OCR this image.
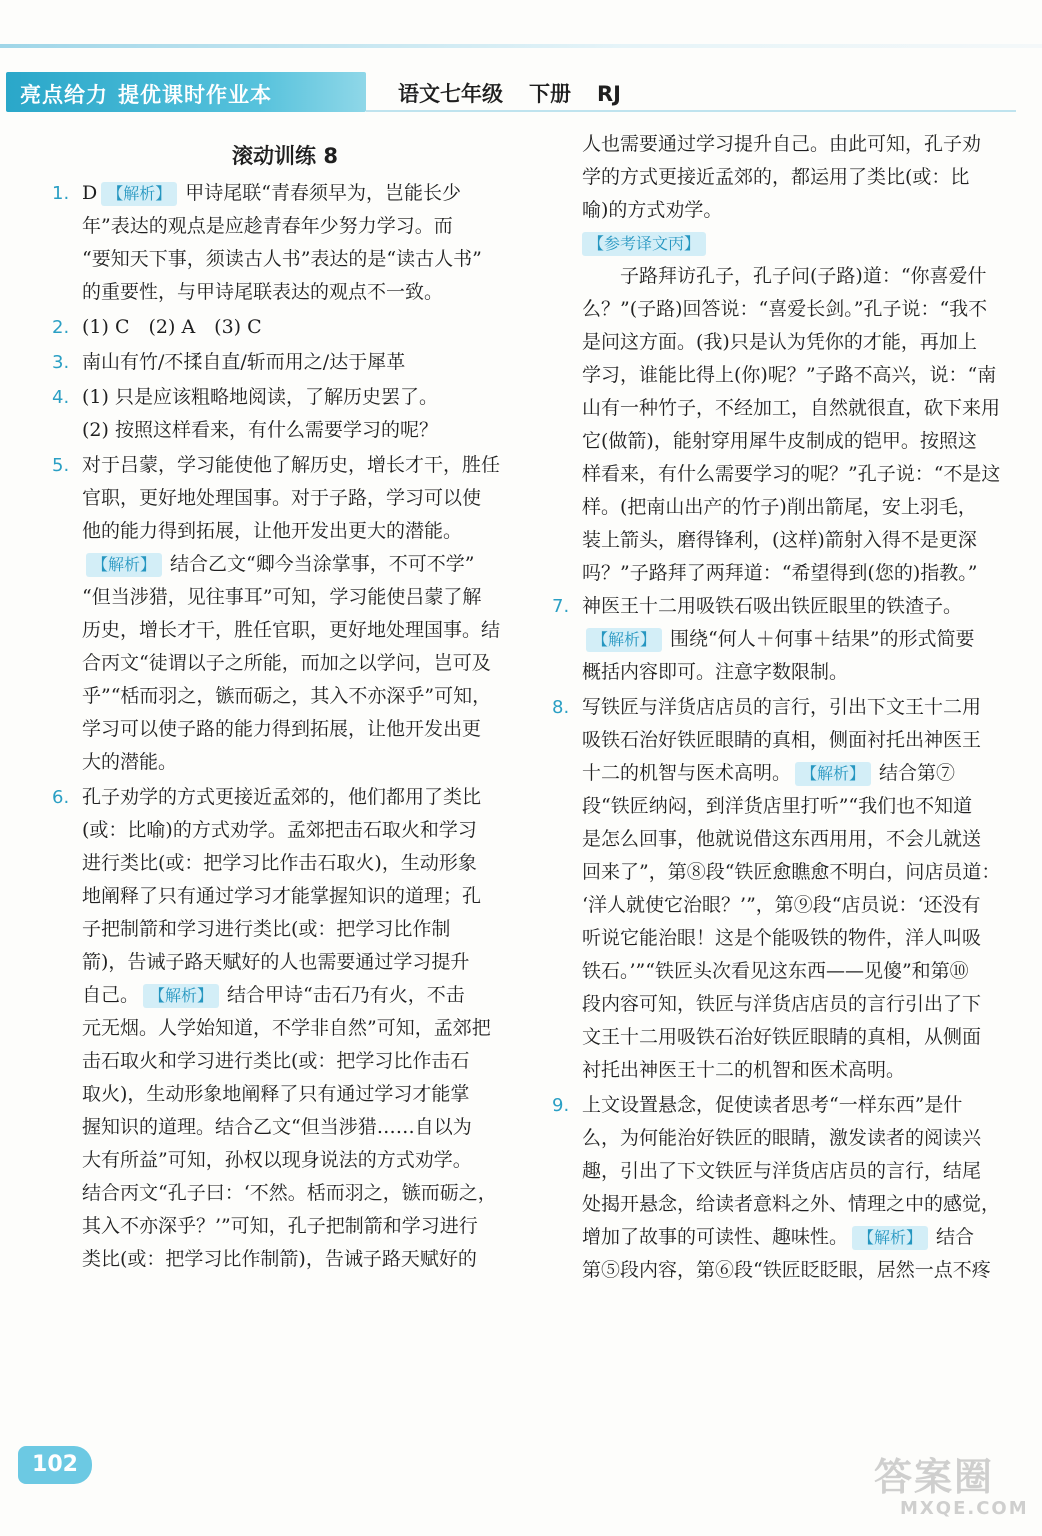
亮点给力 提优课时作业本	语文七年级 下册 RJ
滚动训练 8
1. D 【解析】 甲诗尾联“青春须早为，岂能长少
年”表达的观点是应趁青春年少努力学习。而
“要知天下事，须读古人书”表达的是“读古人书”
的重要性，与甲诗尾联表达的观点不一致。
2. (1) C　(2) A　(3) C
3. 南山有竹/不揉自直/斩而用之/达于犀革
4. (1) 只是应该粗略地阅读，了解历史罢了。
(2) 按照这样看来，有什么需要学习的呢？
5. 对于吕蒙，学习能使他了解历史，增长才干，胜任
官职，更好地处理国事。对于子路，学习可以使
他的能力得到拓展，让他开发出更大的潜能。
【解析】 结合乙文“卿今当涂掌事，不可不学”
“但当涉猎，见往事耳”可知，学习能使吕蒙了解
历史，增长才干，胜任官职，更好地处理国事。结
合丙文“徒谓以子之所能，而加之以学问，岂可及
乎”“栝而羽之，镞而砺之，其入不亦深乎”可知，
学习可以使子路的能力得到拓展，让他开发出更
大的潜能。
6. 孔子劝学的方式更接近孟郊的，他们都用了类比
(或：比喻)的方式劝学。孟郊把击石取火和学习
进行类比(或：把学习比作击石取火)，生动形象
地阐释了只有通过学习才能掌握知识的道理；孔
子把制箭和学习进行类比(或：把学习比作制
箭)，告诫子路天赋好的人也需要通过学习提升
自己。 【解析】 结合甲诗“击石乃有火，不击
元无烟。人学始知道，不学非自然”可知，孟郊把
击石取火和学习进行类比(或：把学习比作击石
取火)，生动形象地阐释了只有通过学习才能掌
握知识的道理。结合乙文“但当涉猎……自以为
大有所益”可知，孙权以现身说法的方式劝学。
结合丙文“孔子曰：‘不然。栝而羽之，镞而砺之，
其入不亦深乎？’”可知，孔子把制箭和学习进行
类比(或：把学习比作制箭)，告诫子路天赋好的
人也需要通过学习提升自己。由此可知，孔子劝
学的方式更接近孟郊的，都运用了类比(或：比
喻)的方式劝学。
【参考译文丙】
子路拜访孔子，孔子问(子路)道：“你喜爱什
么？”(子路)回答说：“喜爱长剑。”孔子说：“我不
是问这方面。(我)只是认为凭你的才能，再加上
学习，谁能比得上(你)呢？”子路不高兴，说：“南
山有一种竹子，不经加工，自然就很直，砍下来用
它(做箭)，能射穿用犀牛皮制成的铠甲。按照这
样看来，有什么需要学习的呢？”孔子说：“不是这
样。(把南山出产的竹子)削出箭尾，安上羽毛，
装上箭头，磨得锋利，(这样)箭射入得不是更深
吗？”子路拜了两拜道：“希望得到(您的)指教。”
7. 神医王十二用吸铁石吸出铁匠眼里的铁渣子。
【解析】 围绕“何人＋何事＋结果”的形式简要
概括内容即可。注意字数限制。
8. 写铁匠与洋货店店员的言行，引出下文王十二用
吸铁石治好铁匠眼睛的真相，侧面衬托出神医王
十二的机智与医术高明。 【解析】 结合第⑦
段“铁匠纳闷，到洋货店里打听”“我们也不知道
是怎么回事，他就说借这东西用用，不会儿就送
回来了”，第⑧段“铁匠愈瞧愈不明白，问店员道：
‘洋人就使它治眼？’”，第⑨段“店员说：‘还没有
听说它能治眼！这是个能吸铁的物件，洋人叫吸
铁石。’”“铁匠头次看见这东西——见傻”和第⑩
段内容可知，铁匠与洋货店店员的言行引出了下
文王十二用吸铁石治好铁匠眼睛的真相，从侧面
衬托出神医王十二的机智和医术高明。
9. 上文设置悬念，促使读者思考“一样东西”是什
么，为何能治好铁匠的眼睛，激发读者的阅读兴
趣，引出了下文铁匠与洋货店店员的言行，结尾
处揭开悬念，给读者意料之外、情理之中的感觉，
增加了故事的可读性、趣味性。 【解析】 结合
第⑤段内容，第⑥段“铁匠眨眨眼，居然一点不疼
102	答案圈
MXQE.COM
